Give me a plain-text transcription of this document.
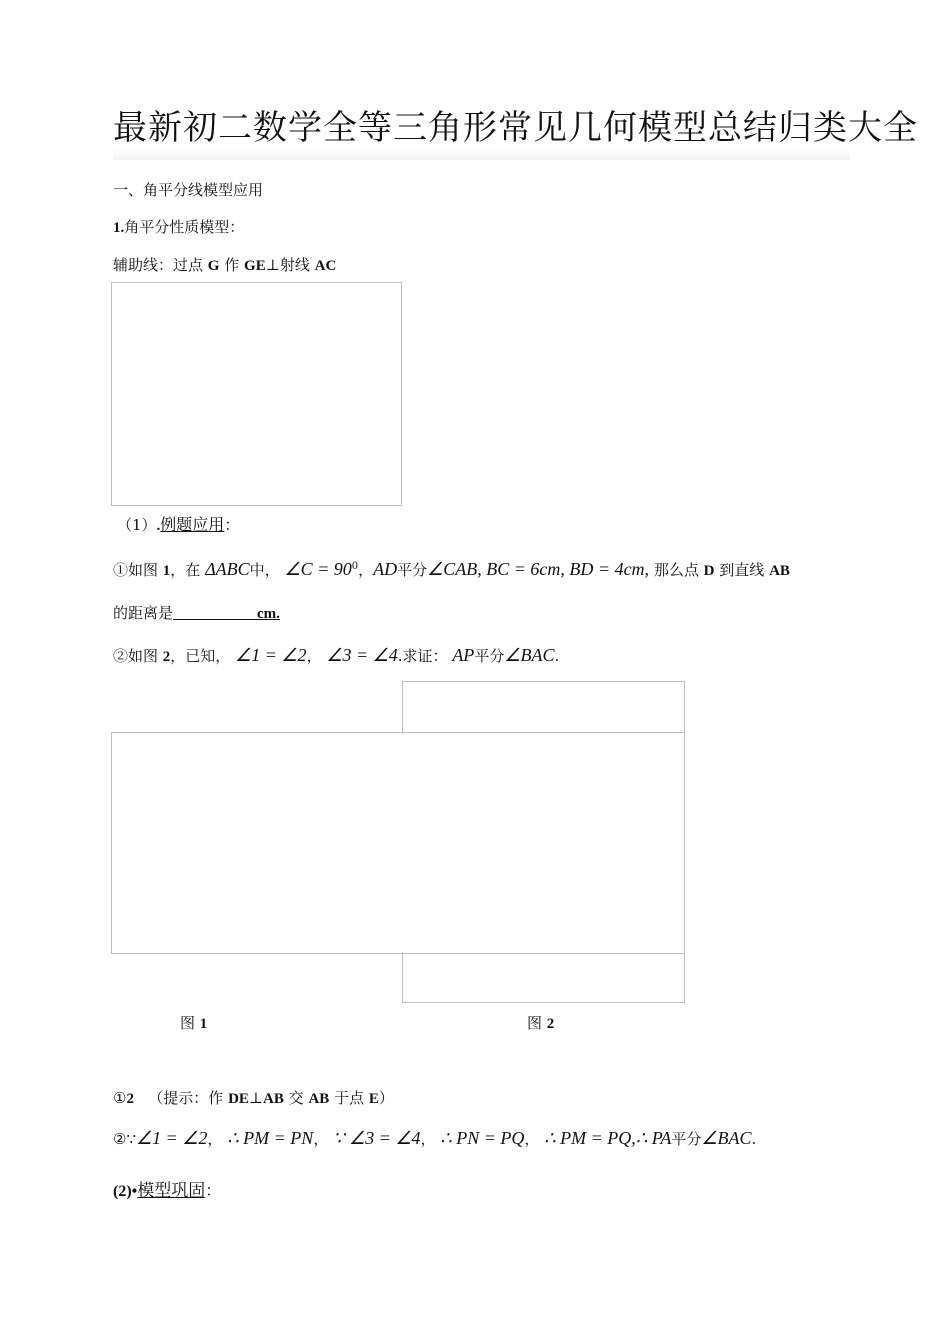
最新初二数学全等三角形常见几何模型总结归类大全
一、角平分线模型应用
1.角平分性质模型：
辅助线：过点 G 作 GE⊥射线 AC
（1）.例题应用：
①如图 1，在 ΔABC中， ∠C = $90^0$，AD平分∠CAB, BC = 6cm, BD = 4cm, 那么点 D 到直线 AB
的距离是	cm.
②如图 2，已知， ∠1 = ∠2， ∠3 = ∠4.求证： AP平分∠BAC.
图 1	图 2
①2 （提示：作 DE⊥AB 交 AB 于点 E）
②∵∠1 = ∠2， ∴ PM = PN， ∵ ∠3 = ∠4， ∴ PN = PQ， ∴ PM = PQ,∴ PA平分∠BAC.
(2)•模型巩固：
